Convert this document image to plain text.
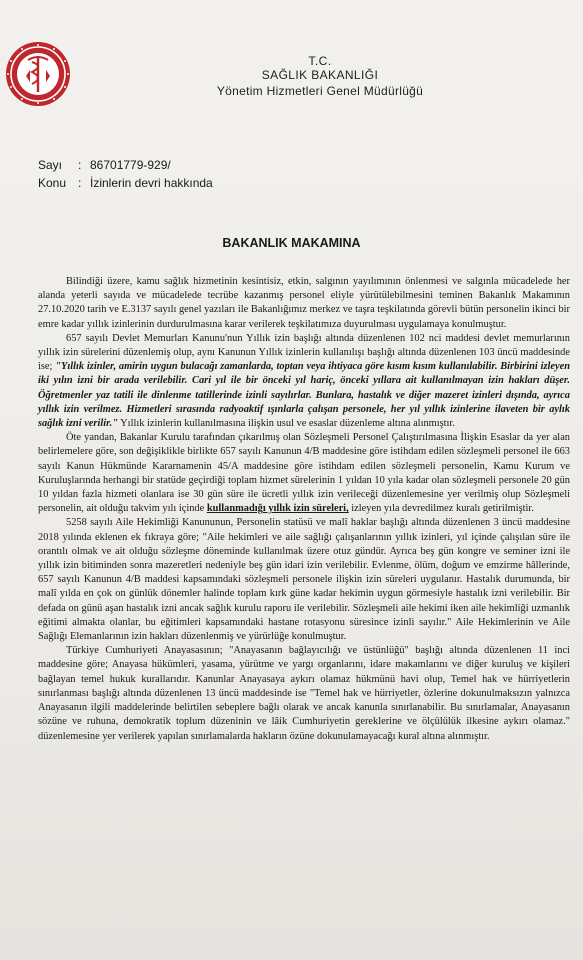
T.C.
SAĞLIK BAKANLIĞI
Yönetim Hizmetleri Genel Müdürlüğü
Sayı : 86701779-929/
Konu : İzinlerin devri hakkında
BAKANLIK MAKAMINA

Bilindiği üzere, kamu sağlık hizmetinin kesintisiz, etkin, salgının yayılımının önlenmesi ve salgınla mücadelede her alanda yeterli sayıda ve mücadelede tecrübe kazanmış personel eliyle yürütülebilmesini teminen Bakanlık Makamının 27.10.2020 tarih ve E.3137 sayılı genel yazıları ile Bakanlığımız merkez ve taşra teşkilatında görevli bütün personelin ikinci bir emre kadar yıllık izinlerinin durdurulmasına karar verilerek teşkilatımıza duyurulması uygulamaya konulmuştur.

657 sayılı Devlet Memurları Kanunu'nun Yıllık izin başlığı altında düzenlenen 102 nci maddesi devlet memurlarının yıllık izin sürelerini düzenlemiş olup, aynı Kanunun Yıllık izinlerin kullanılışı başlığı altında düzenlenen 103 üncü maddesinde ise; "Yıllık izinler, amirin uygun bulacağı zamanlarda, toptan veya ihtiyaca göre kısım kısım kullanılabilir. Birbirini izleyen iki yılın izni bir arada verilebilir. Cari yıl ile bir önceki yıl hariç, önceki yıllara ait kullanılmayan izin hakları düşer. Öğretmenler yaz tatili ile dinlenme tatillerinde izinli sayılırlar. Bunlara, hastalık ve diğer mazeret izinleri dışında, ayrıca yıllık izin verilmez. Hizmetleri sırasında radyoaktif ışınlarla çalışan personele, her yıl yıllık izinlerine ilaveten bir aylık sağlık izni verilir." Yıllık izinlerin kullanılmasına ilişkin usul ve esaslar düzenleme altına alınmıştır.

Öte yandan, Bakanlar Kurulu tarafından çıkarılmış olan Sözleşmeli Personel Çalıştırılmasına İlişkin Esaslar da yer alan belirlemelere göre, son değişiklikle birlikte 657 sayılı Kanunun 4/B maddesine göre istihdam edilen sözleşmeli personel ile 663 sayılı Kanun Hükmünde Kararnamenin 45/A maddesine göre istihdam edilen sözleşmeli personelin, Kamu Kurum ve Kuruluşlarında herhangi bir statüde geçirdiği toplam hizmet sürelerinin 1 yıldan 10 yıla kadar olan sözleşmeli personele 20 gün 10 yıldan fazla hizmeti olanlara ise 30 gün süre ile ücretli yıllık izin verileceği düzenlemesine yer verilmiş olup Sözleşmeli personelin, ait olduğu takvim yılı içinde kullanmadığı yıllık izin süreleri, izleyen yıla devredilmez kuralı getirilmiştir.

5258 sayılı Aile Hekimliği Kanununun, Personelin statüsü ve malî haklar başlığı altında düzenlenen 3 üncü maddesine 2018 yılında eklenen ek fıkraya göre; "Aile hekimleri ve aile sağlığı çalışanlarının yıllık izinleri, yıl içinde çalışılan süre ile orantılı olmak ve ait olduğu sözleşme döneminde kullanılmak üzere otuz gündür. Ayrıca beş gün kongre ve seminer izni ile yıllık izin bitiminden sonra mazeretleri nedeniyle beş gün idari izin verilebilir. Evlenme, ölüm, doğum ve emzirme hâllerinde, 657 sayılı Kanunun 4/B maddesi kapsamındaki sözleşmeli personele ilişkin izin süreleri uygulanır. Hastalık durumunda, bir malî yılda en çok on günlük dönemler halinde toplam kırk güne kadar hekimin uygun görmesiyle hastalık izni verilebilir. Bir defada on günü aşan hastalık izni ancak sağlık kurulu raporu ile verilebilir. Sözleşmeli aile hekimi iken aile hekimliği uzmanlık eğitimi almakta olanlar, bu eğitimleri kapsamındaki hastane rotasyonu süresince izinli sayılır." Aile Hekimlerinin ve Aile Sağlığı Elemanlarının izin hakları düzenlenmiş ve yürürlüğe konulmuştur.

Türkiye Cumhuriyeti Anayasasının; "Anayasanın bağlayıcılığı ve üstünlüğü" başlığı altında düzenlenen 11 inci maddesine göre; Anayasa hükümleri, yasama, yürütme ve yargı organlarını, idare makamlarını ve diğer kuruluş ve kişileri bağlayan temel hukuk kurallarıdır. Kanunlar Anayasaya aykırı olamaz hükmünü havi olup, Temel hak ve hürriyetlerin sınırlanması başlığı altında düzenlenen 13 üncü maddesinde ise "Temel hak ve hürriyetler, özlerine dokunulmaksızın yalnızca Anayasanın ilgili maddelerinde belirtilen sebeplere bağlı olarak ve ancak kanunla sınırlanabilir. Bu sınırlamalar, Anayasanın sözüne ve ruhuna, demokratik toplum düzeninin ve lâik Cumhuriyetin gereklerine ve ölçülülük ilkesine aykırı olamaz." düzenlemesine yer verilerek yapılan sınırlamalarda hakların özüne dokunulamayacağı kural altına alınmıştır.
